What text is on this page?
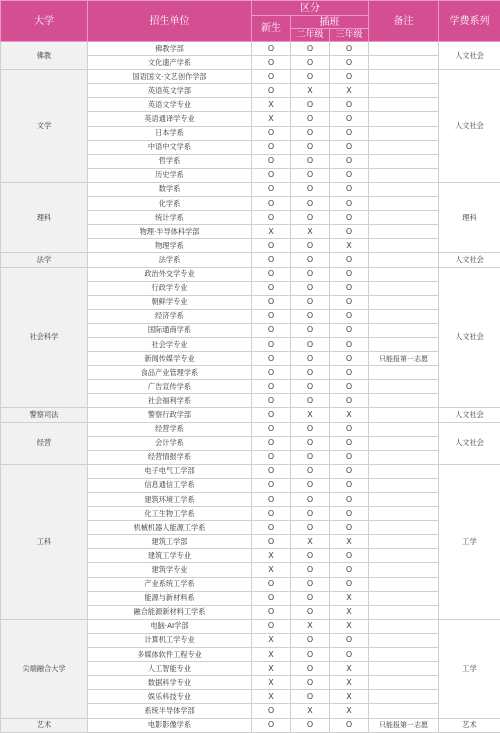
大学	招生单位	区分			备注	学费系列
		新生	插班			
			二年级	三年级		
佛教	佛教学部	O	O	O		人文社会
	文化遗产学系	O	O	O		
文学	国语国文·文艺创作学部	O	O	O		人文社会
	英语英文学部	O	X	X		
	英语文学专业	X	O	O		
	英语通译学专业	X	O	O		
	日本学系	O	O	O		
	中语中文学系	O	O	O		
	哲学系	O	O	O		
	历史学系	O	O	O		
理科	数学系	O	O	O		理科
	化学系	O	O	O		
	统计学系	O	O	O		
	物理·半导体科学部	X	X	O		
	物理学系	O	O	X		
法学	法学系	O	O	O		人文社会
社会科学	政治外交学专业	O	O	O		人文社会
	行政学专业	O	O	O		
	朝鲜学专业	O	O	O		
	经济学系	O	O	O		
	国际通商学系	O	O	O		
	社会学专业	O	O	O		
	新闻传媒学专业	O	O	O	只能报第一志愿	
	食品产业管理学系	O	O	O		
	广告宣传学系	O	O	O		
	社会福利学系	O	O	O		
警察司法	警察行政学部	O	X	X		人文社会
经营	经营学系	O	O	O		人文社会
	会计学系	O	O	O		
	经营情报学系	O	O	O		
工科	电子电气工学部	O	O	O		工学
	信息通信工学系	O	O	O		
	建筑环境工学系	O	O	O		
	化工生物工学系	O	O	O		
	机械机器人能源工学系	O	O	O		
	建筑工学部	O	X	X		
	建筑工学专业	X	O	O		
	建筑学专业	X	O	O		
	产业系统工学系	O	O	O		
	能源与新材料系	O	O	X		
	融合能源新材料工学系	O	O	X		
尖端融合大学	电脑·AI学部	O	X	X		工学
	计算机工学专业	X	O	O		
	多媒体软件工程专业	X	O	O		
	人工智能专业	X	O	X		
	数据科学专业	X	O	X		
	娱乐科技专业	X	O	X		
	系统半导体学部	O	X	X		
艺术	电影影像学系	O	O	O	只能报第一志愿	艺术
